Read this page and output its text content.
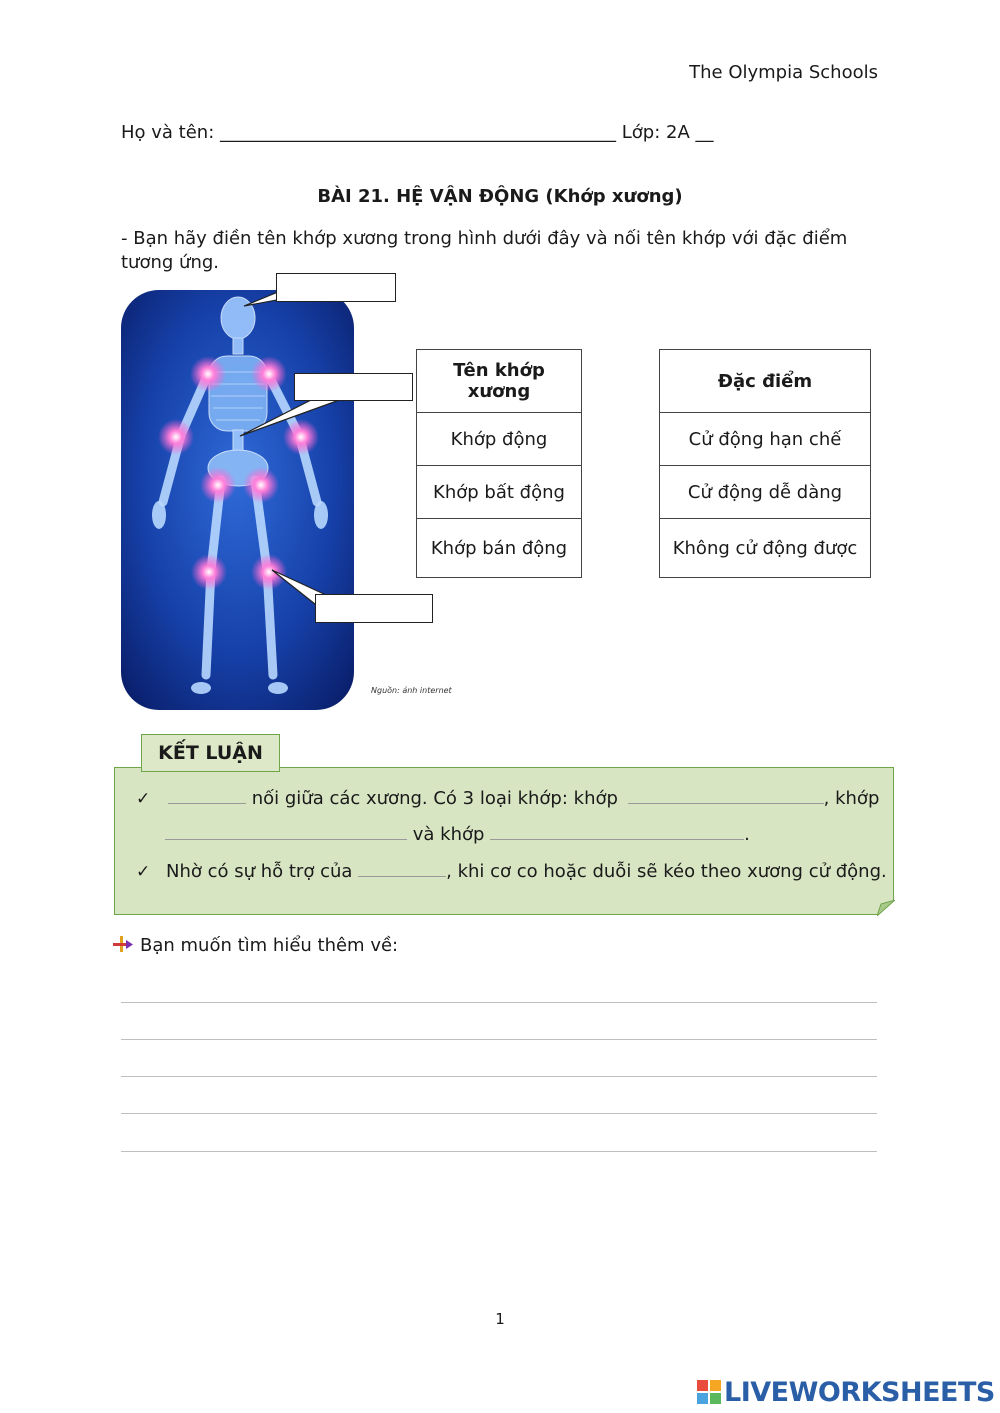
The Olympia Schools
Họ và tên: ____________________________________________ Lớp: 2A __
BÀI 21. HỆ VẬN ĐỘNG (Khớp xương)
- Bạn hãy điền tên khớp xương trong hình dưới đây và nối tên khớp với đặc điểm tương ứng.
Nguồn: ảnh internet
Tên khớp xương
Khớp động
Khớp bất động
Khớp bán động
Đặc điểm
Cử động hạn chế
Cử động dễ dàng
Không cử động được
KẾT LUẬN
✓	nối giữa các xương. Có 3 loại khớp: khớp	, khớp
và khớp	.
✓ Nhờ có sự hỗ trợ của	, khi cơ co hoặc duỗi sẽ kéo theo xương cử động.
Bạn muốn tìm hiểu thêm về:
1
LIVEWORKSHEETS
